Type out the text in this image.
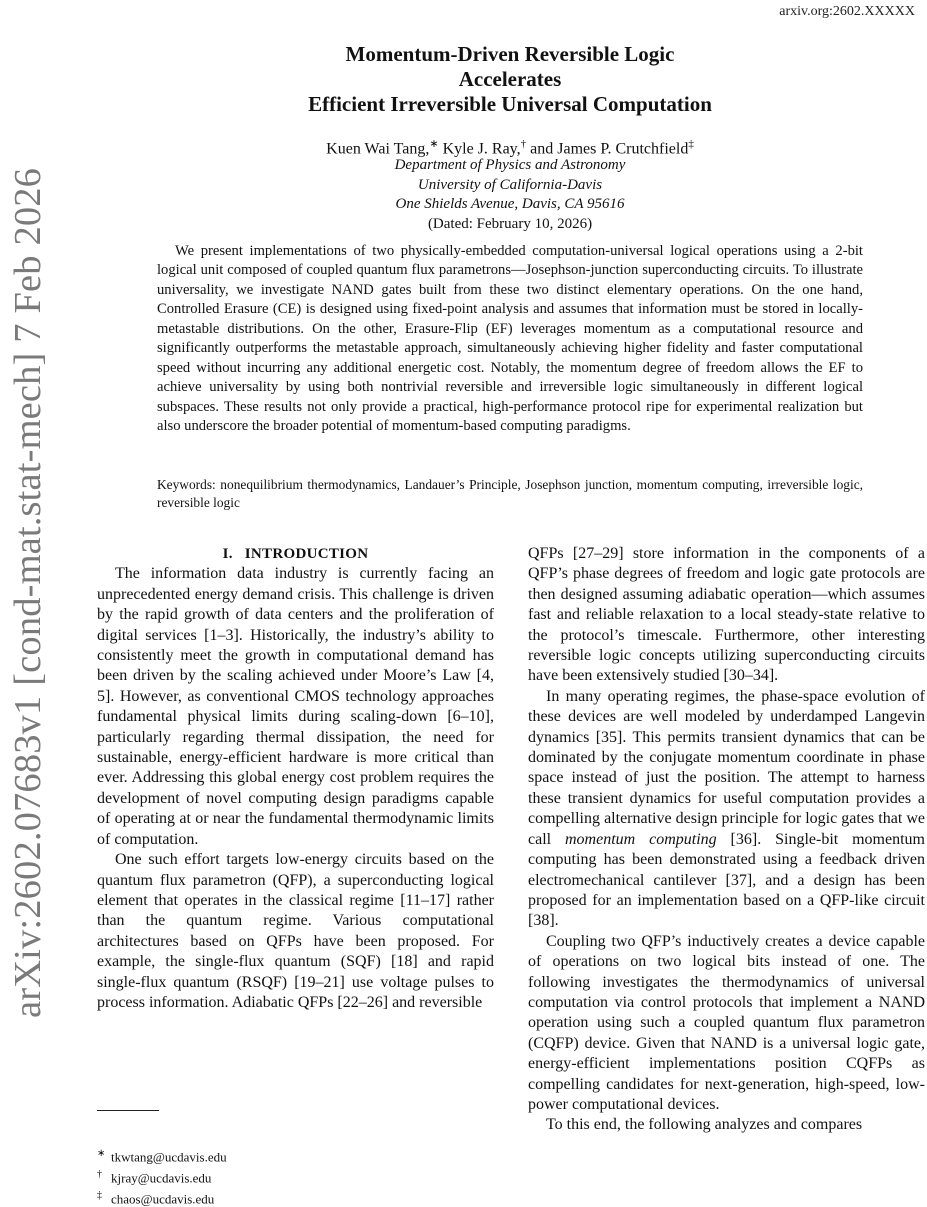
arxiv.org:2602.XXXXX
arXiv:2602.07683v1 [cond-mat.stat-mech] 7 Feb 2026
Momentum-Driven Reversible Logic
Accelerates
Efficient Irreversible Universal Computation
Kuen Wai Tang,∗ Kyle J. Ray,† and James P. Crutchfield‡
Department of Physics and Astronomy
University of California-Davis
One Shields Avenue, Davis, CA 95616
(Dated: February 10, 2026)

We present implementations of two physically-embedded computation-universal logical operations using a 2-bit logical unit composed of coupled quantum flux parametrons—Josephson-junction superconducting circuits. To illustrate universality, we investigate NAND gates built from these two distinct elementary operations. On the one hand, Controlled Erasure (CE) is designed using fixed-point analysis and assumes that information must be stored in locally-metastable distributions. On the other, Erasure-Flip (EF) leverages momentum as a computational resource and significantly outperforms the metastable approach, simultaneously achieving higher fidelity and faster computational speed without incurring any additional energetic cost. Notably, the momentum degree of freedom allows the EF to achieve universality by using both nontrivial reversible and irreversible logic simultaneously in different logical subspaces. These results not only provide a practical, high-performance protocol ripe for experimental realization but also underscore the broader potential of momentum-based computing paradigms.

Keywords: nonequilibrium thermodynamics, Landauer’s Principle, Josephson junction, momentum computing, irreversible logic, reversible logic

I. INTRODUCTION

The information data industry is currently facing an unprecedented energy demand crisis. This challenge is driven by the rapid growth of data centers and the proliferation of digital services [1–3]. Historically, the industry’s ability to consistently meet the growth in computational demand has been driven by the scaling achieved under Moore’s Law [4, 5]. However, as conventional CMOS technology approaches fundamental physical limits during scaling-down [6–10], particularly regarding thermal dissipation, the need for sustainable, energy-efficient hardware is more critical than ever. Addressing this global energy cost problem requires the development of novel computing design paradigms capable of operating at or near the fundamental thermodynamic limits of computation.

One such effort targets low-energy circuits based on the quantum flux parametron (QFP), a superconducting logical element that operates in the classical regime [11–17] rather than the quantum regime. Various computational architectures based on QFPs have been proposed. For example, the single-flux quantum (SQF) [18] and rapid single-flux quantum (RSQF) [19–21] use voltage pulses to process information. Adiabatic QFPs [22–26] and reversible

QFPs [27–29] store information in the components of a QFP’s phase degrees of freedom and logic gate protocols are then designed assuming adiabatic operation—which assumes fast and reliable relaxation to a local steady-state relative to the protocol’s timescale. Furthermore, other interesting reversible logic concepts utilizing superconducting circuits have been extensively studied [30–34].

In many operating regimes, the phase-space evolution of these devices are well modeled by underdamped Langevin dynamics [35]. This permits transient dynamics that can be dominated by the conjugate momentum coordinate in phase space instead of just the position. The attempt to harness these transient dynamics for useful computation provides a compelling alternative design principle for logic gates that we call momentum computing [36]. Single-bit momentum computing has been demonstrated using a feedback driven electromechanical cantilever [37], and a design has been proposed for an implementation based on a QFP-like circuit [38].

Coupling two QFP’s inductively creates a device capable of operations on two logical bits instead of one. The following investigates the thermodynamics of universal computation via control protocols that implement a NAND operation using such a coupled quantum flux parametron (CQFP) device. Given that NAND is a universal logic gate, energy-efficient implementations position CQFPs as compelling candidates for next-generation, high-speed, low-power computational devices.

To this end, the following analyzes and compares

∗ tkwtang@ucdavis.edu
† kjray@ucdavis.edu
‡ chaos@ucdavis.edu
